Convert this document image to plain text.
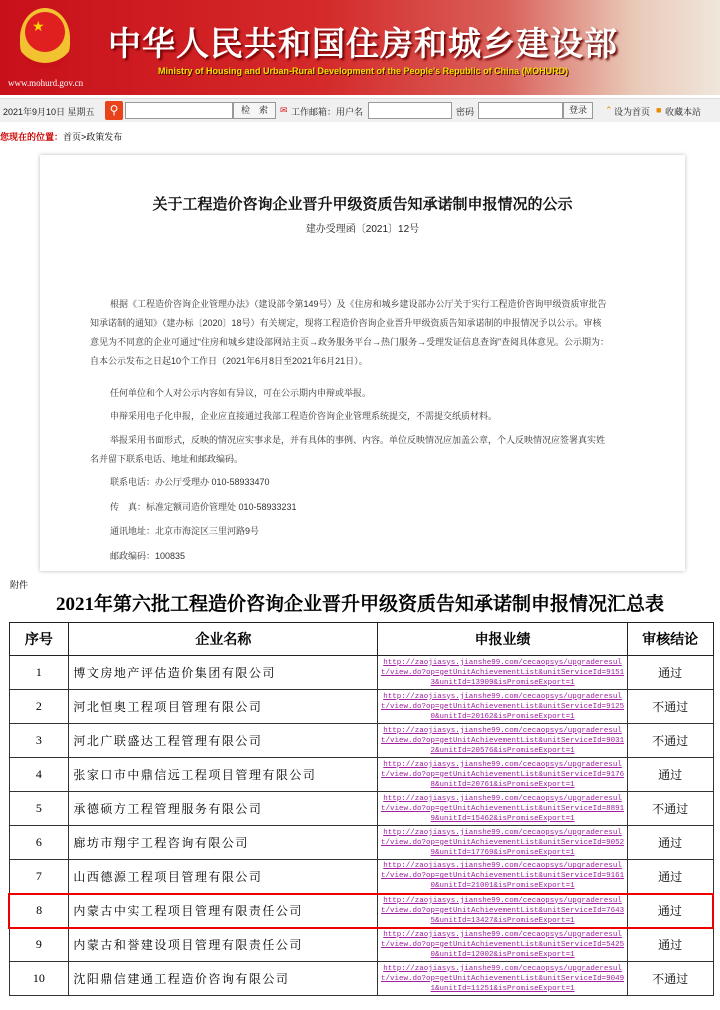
★
www.mohurd.gov.cn
中华人民共和国住房和城乡建设部
Ministry of Housing and Urban-Rural Development of the People's Republic of China (MOHURD)
2021年9月10日 星期五	⚲	检　索	✉ 工作邮箱：用户名	密码	登录	⌃ 设为首页 ■ 收藏本站
您现在的位置：首页>政策发布
关于工程造价咨询企业晋升甲级资质告知承诺制申报情况的公示
建办受理函〔2021〕12号
根据《工程造价咨询企业管理办法》（建设部令第149号）及《住房和城乡建设部办公厅关于实行工程造价咨询甲级资质审批告知承诺制的通知》（建办标〔2020〕18号）有关规定，现将工程造价咨询企业晋升甲级资质告知承诺制的申报情况予以公示。审核意见为不同意的企业可通过“住房和城乡建设部网站主页→政务服务平台→热门服务→受理发证信息查询”查阅具体意见。公示期为：自本公示发布之日起10个工作日（2021年6月8日至2021年6月21日）。
任何单位和个人对公示内容如有异议，可在公示期内申辩或举报。
申辩采用电子化申报，企业应直接通过我部工程造价咨询企业管理系统提交，不需提交纸质材料。
举报采用书面形式，反映的情况应实事求是，并有具体的事例、内容。单位反映情况应加盖公章，个人反映情况应签署真实姓名并留下联系电话、地址和邮政编码。
联系电话：办公厅受理办 010-58933470
传　真：标准定额司造价管理处 010-58933231
通讯地址：北京市海淀区三里河路9号
邮政编码：100835
附件
2021年第六批工程造价咨询企业晋升甲级资质告知承诺制申报情况汇总表
序号	企业名称	申报业绩	审核结论
1	博文房地产评估造价集团有限公司	http://zaojiasys.jianshe99.com/cecaopsys/upgraderesult/view.do?op=getUnitAchievementList&unitServiceId=91513&unitId=13909&isPromiseExport=1	通过
2	河北恒奥工程项目管理有限公司	http://zaojiasys.jianshe99.com/cecaopsys/upgraderesult/view.do?op=getUnitAchievementList&unitServiceId=91250&unitId=20162&isPromiseExport=1	不通过
3	河北广联盛达工程管理有限公司	http://zaojiasys.jianshe99.com/cecaopsys/upgraderesult/view.do?op=getUnitAchievementList&unitServiceId=90312&unitId=20576&isPromiseExport=1	不通过
4	张家口市中鼎信远工程项目管理有限公司	http://zaojiasys.jianshe99.com/cecaopsys/upgraderesult/view.do?op=getUnitAchievementList&unitServiceId=91768&unitId=20761&isPromiseExport=1	通过
5	承德硕方工程管理服务有限公司	http://zaojiasys.jianshe99.com/cecaopsys/upgraderesult/view.do?op=getUnitAchievementList&unitServiceId=88919&unitId=15462&isPromiseExport=1	不通过
6	廊坊市翔宇工程咨询有限公司	http://zaojiasys.jianshe99.com/cecaopsys/upgraderesult/view.do?op=getUnitAchievementList&unitServiceId=90529&unitId=17769&isPromiseExport=1	通过
7	山西德源工程项目管理有限公司	http://zaojiasys.jianshe99.com/cecaopsys/upgraderesult/view.do?op=getUnitAchievementList&unitServiceId=91610&unitId=21001&isPromiseExport=1	通过
8	内蒙古中实工程项目管理有限责任公司	http://zaojiasys.jianshe99.com/cecaopsys/upgraderesult/view.do?op=getUnitAchievementList&unitServiceId=76435&unitId=13427&isPromiseExport=1	通过
9	内蒙古和誉建设项目管理有限责任公司	http://zaojiasys.jianshe99.com/cecaopsys/upgraderesult/view.do?op=getUnitAchievementList&unitServiceId=54250&unitId=12002&isPromiseExport=1	通过
10	沈阳鼎信建通工程造价咨询有限公司	http://zaojiasys.jianshe99.com/cecaopsys/upgraderesult/view.do?op=getUnitAchievementList&unitServiceId=90491&unitId=11251&isPromiseExport=1	不通过
